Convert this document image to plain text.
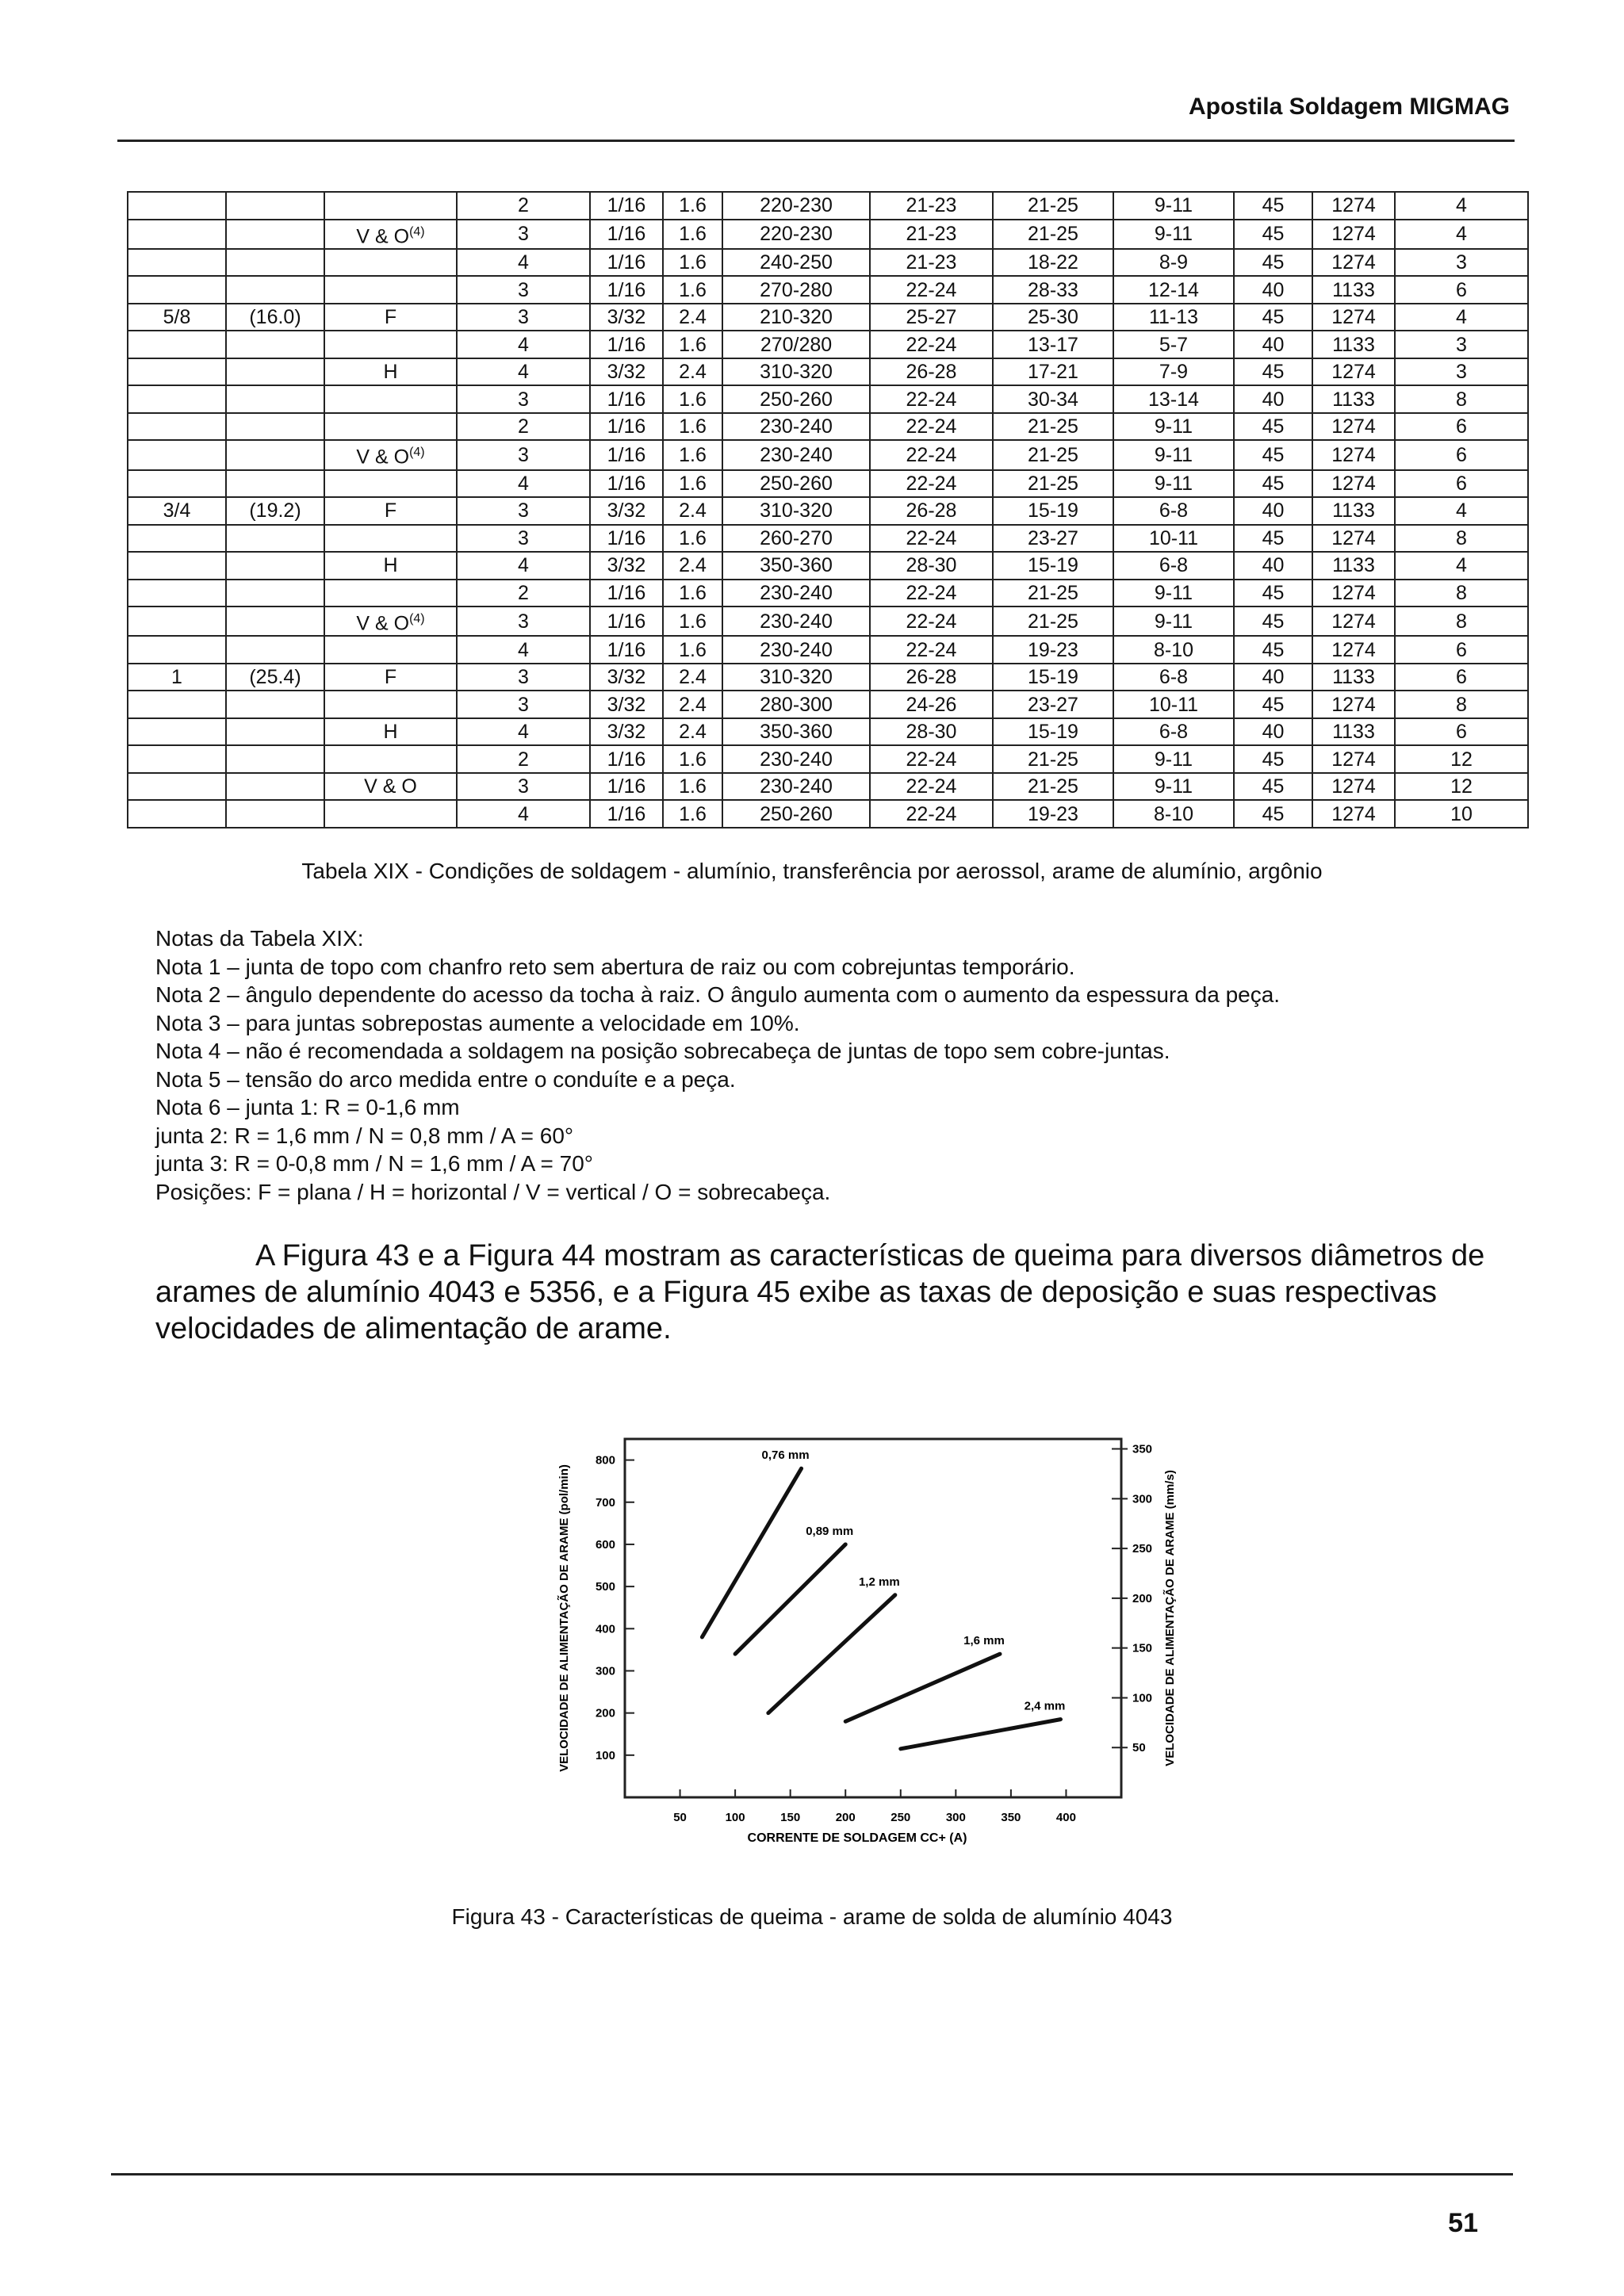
Apostila Soldagem MIGMAG
			2	1/16	1.6	220-230	21-23	21-25	9-11	45	1274	4
		V & $O^{(4)}$	3	1/16	1.6	220-230	21-23	21-25	9-11	45	1274	4
			4	1/16	1.6	240-250	21-23	18-22	8-9	45	1274	3
			3	1/16	1.6	270-280	22-24	28-33	12-14	40	1133	6
5/8	(16.0)	F	3	3/32	2.4	210-320	25-27	25-30	11-13	45	1274	4
			4	1/16	1.6	270/280	22-24	13-17	5-7	40	1133	3
		H	4	3/32	2.4	310-320	26-28	17-21	7-9	45	1274	3
			3	1/16	1.6	250-260	22-24	30-34	13-14	40	1133	8
			2	1/16	1.6	230-240	22-24	21-25	9-11	45	1274	6
		V & $O^{(4)}$	3	1/16	1.6	230-240	22-24	21-25	9-11	45	1274	6
			4	1/16	1.6	250-260	22-24	21-25	9-11	45	1274	6
3/4	(19.2)	F	3	3/32	2.4	310-320	26-28	15-19	6-8	40	1133	4
			3	1/16	1.6	260-270	22-24	23-27	10-11	45	1274	8
		H	4	3/32	2.4	350-360	28-30	15-19	6-8	40	1133	4
			2	1/16	1.6	230-240	22-24	21-25	9-11	45	1274	8
		V & $O^{(4)}$	3	1/16	1.6	230-240	22-24	21-25	9-11	45	1274	8
			4	1/16	1.6	230-240	22-24	19-23	8-10	45	1274	6
1	(25.4)	F	3	3/32	2.4	310-320	26-28	15-19	6-8	40	1133	6
			3	3/32	2.4	280-300	24-26	23-27	10-11	45	1274	8
		H	4	3/32	2.4	350-360	28-30	15-19	6-8	40	1133	6
			2	1/16	1.6	230-240	22-24	21-25	9-11	45	1274	12
		V & O	3	1/16	1.6	230-240	22-24	21-25	9-11	45	1274	12
			4	1/16	1.6	250-260	22-24	19-23	8-10	45	1274	10
Tabela XIX - Condições de soldagem - alumínio, transferência por aerossol, arame de alumínio, argônio
Notas da Tabela XIX:
Nota 1 – junta de topo com chanfro reto sem abertura de raiz ou com cobrejuntas temporário.
Nota 2 – ângulo dependente do acesso da tocha à raiz. O ângulo aumenta com o aumento da espessura da peça.
Nota 3 – para juntas sobrepostas aumente a velocidade em 10%.
Nota 4 – não é recomendada a soldagem na posição sobrecabeça de juntas de topo sem cobre-juntas.
Nota 5 – tensão do arco medida entre o conduíte e a peça.
Nota 6 – junta 1: R = 0-1,6 mm
junta 2: R = 1,6 mm / N = 0,8 mm / A = 60°
junta 3: R = 0-0,8 mm / N = 1,6 mm / A = 70°
Posições: F = plana / H = horizontal / V = vertical / O = sobrecabeça.
A Figura 43 e a Figura 44 mostram as características de queima para diversos diâmetros de
arames de alumínio 4043 e 5356, e a Figura 45 exibe as taxas de deposição e suas respectivas
velocidades de alimentação de arame.
50	100	150	200	250	300	350	400
100
200
300
400
500
600
700
800
50
100
150
200
250
300
350
CORRENTE DE SOLDAGEM CC+ (A)
VELOCIDADE DE ALIMENTAÇÃO DE ARAME (pol/min)	VELOCIDADE DE ALIMENTAÇÃO DE ARAME (mm/s)
0,76 mm
0,89 mm
1,2 mm
1,6 mm
2,4 mm
Figura 43 - Características de queima - arame de solda de alumínio 4043
51
